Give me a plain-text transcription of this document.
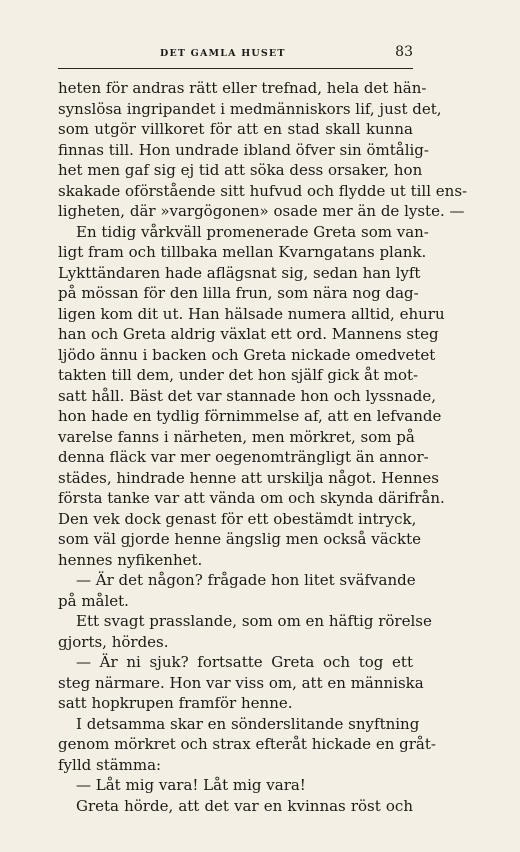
DET GAMLA HUSET	83
heten för andras rätt eller trefnad, hela det hän-
synslösa ingripandet i medmänniskors lif, just det,
som utgör villkoret för att en stad skall kunna
finnas till. Hon undrade ibland öfver sin ömtålig-
het men gaf sig ej tid att söka dess orsaker, hon
skakade oförstående sitt hufvud och flydde ut till ens-
ligheten, där »vargögonen» osade mer än de lyste. —
En tidig vårkväll promenerade Greta som van-
ligt fram och tillbaka mellan Kvarngatans plank.
Lykttändaren hade aflägsnat sig, sedan han lyft
på mössan för den lilla frun, som nära nog dag-
ligen kom dit ut. Han hälsade numera alltid, ehuru
han och Greta aldrig växlat ett ord. Mannens steg
ljödo ännu i backen och Greta nickade omedvetet
takten till dem, under det hon själf gick åt mot-
satt håll. Bäst det var stannade hon och lyssnade,
hon hade en tydlig förnimmelse af, att en lefvande
varelse fanns i närheten, men mörkret, som på
denna fläck var mer oegenomträngligt än annor-
städes, hindrade henne att urskilja något. Hennes
första tanke var att vända om och skynda därifrån.
Den vek dock genast för ett obestämdt intryck,
som väl gjorde henne ängslig men också väckte
hennes nyfikenhet.
— Är det någon? frågade hon litet sväfvande
på målet.
Ett svagt prasslande, som om en häftig rörelse
gjorts, hördes.
— Är ni sjuk? fortsatte Greta och tog ett
steg närmare. Hon var viss om, att en människa
satt hopkrupen framför henne.
I detsamma skar en sönderslitande snyftning
genom mörkret och strax efteråt hickade en gråt-
fylld stämma:
— Låt mig vara! Låt mig vara!
Greta hörde, att det var en kvinnas röst och
